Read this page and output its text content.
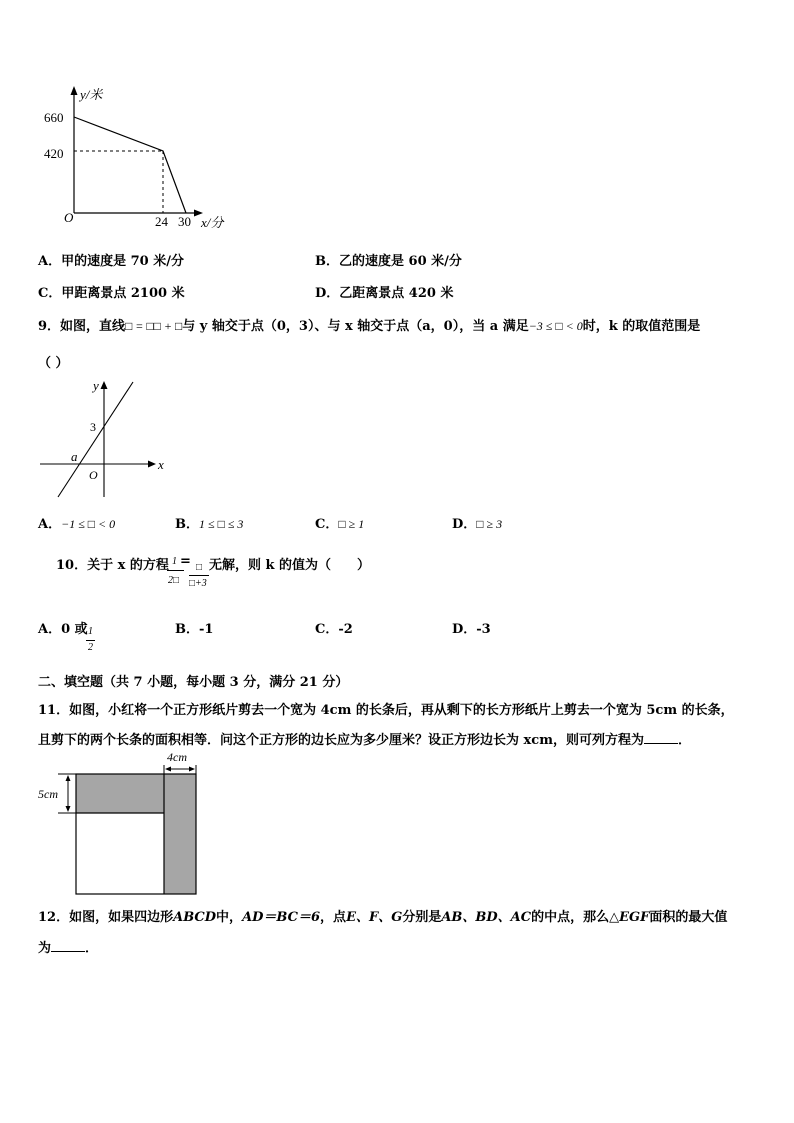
y/米
660
420
O	24 30 x/分
A．甲的速度是 70 米/分	B．乙的速度是 60 米/分
C．甲距离景点 2100 米	D．乙距离景点 420 米
9．如图，直线□ = □□ + □与 y 轴交于点（0，3）、与 x 轴交于点（a，0），当 a 满足−3 ≤ □ < 0时，k 的取值范围是
（ ）
y
3
a
O
x
A．−1 ≤ □ < 0	B．1 ≤ □ ≤ 3	C．□ ≥ 1	D．□ ≥ 3
10．关于 x 的方程 1
2□
= □
□+3
无解，则 k 的值为（　　）
A．0 或 1
2
B．-1	C．-2	D．-3
二、填空题（共 7 小题，每小题 3 分，满分 21 分）
11．如图，小红将一个正方形纸片剪去一个宽为 4cm 的长条后，再从剩下的长方形纸片上剪去一个宽为 5cm 的长条，
且剪下的两个长条的面积相等．问这个正方形的边长应为多少厘米？设正方形边长为 xcm，则可列方程为	．
4cm
5cm
12．如图，如果四边形ABCD中，AD＝BC＝6，点E、F、G分别是AB、BD、AC的中点，那么△EGF面积的最大值
为	．
